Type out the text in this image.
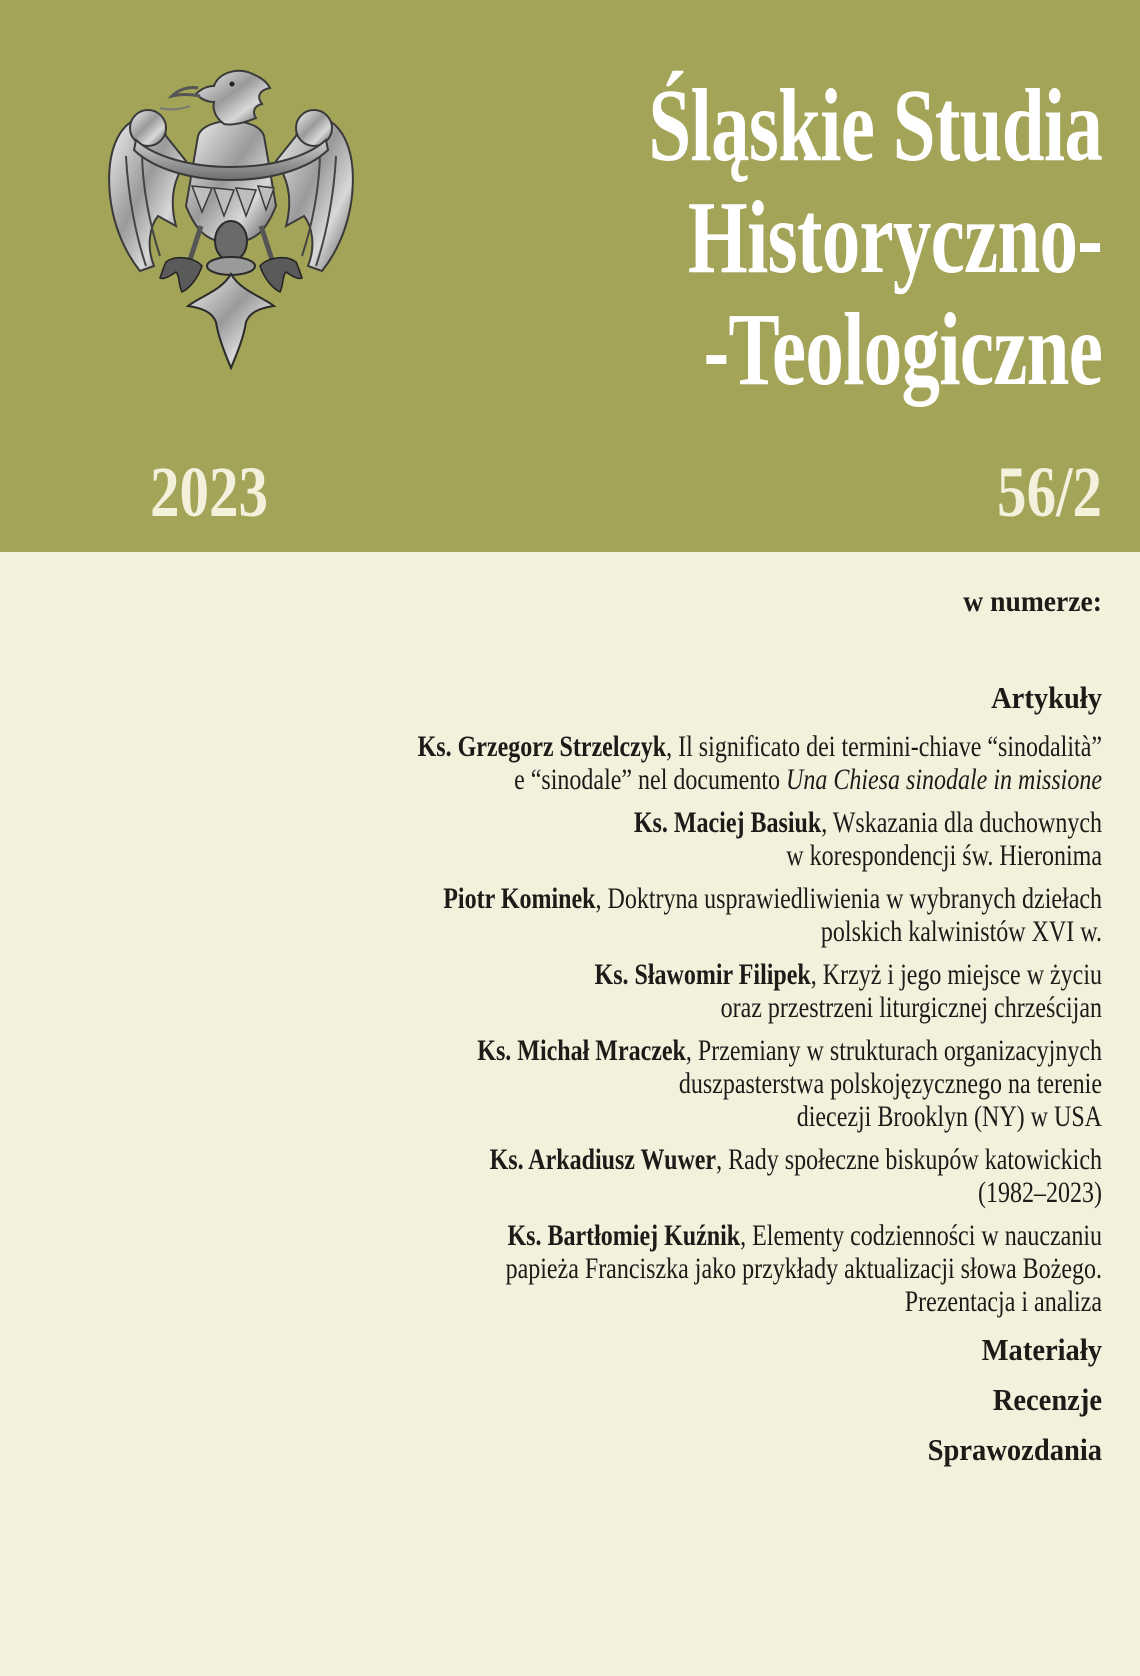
Śląskie Studia
Historyczno-
-Teologiczne
2023	56/2
w numerze:
Artykuły
Ks. Grzegorz Strzelczyk, Il significato dei termini-chiave “sinodalità”
e “sinodale” nel documento Una Chiesa sinodale in missione
Ks. Maciej Basiuk, Wskazania dla duchownych
w korespondencji św. Hieronima
Piotr Kominek, Doktryna usprawiedliwienia w wybranych dziełach
polskich kalwinistów XVI w.
Ks. Sławomir Filipek, Krzyż i jego miejsce w życiu
oraz przestrzeni liturgicznej chrześcijan
Ks. Michał Mraczek, Przemiany w strukturach organizacyjnych
duszpasterstwa polskojęzycznego na terenie
diecezji Brooklyn (NY) w USA
Ks. Arkadiusz Wuwer, Rady społeczne biskupów katowickich
(1982–2023)
Ks. Bartłomiej Kuźnik, Elementy codzienności w nauczaniu
papieża Franciszka jako przykłady aktualizacji słowa Bożego.
Prezentacja i analiza
Materiały
Recenzje
Sprawozdania
